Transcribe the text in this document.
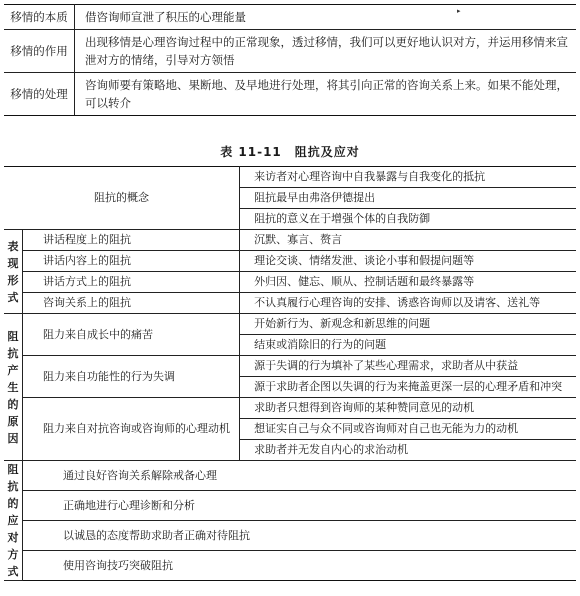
▸
移情的本质	借咨询师宣泄了积压的心理能量
移情的作用	出现移情是心理咨询过程中的正常现象，透过移情，我们可以更好地认识对方，并运用移情来宣泄对方的情绪，引导对方领悟
移情的处理	咨询师要有策略地、果断地、及早地进行处理，将其引向正常的咨询关系上来。如果不能处理，可以转介
表 11-11　阻抗及应对
阻抗的概念		来访者对心理咨询中自我暴露与自我变化的抵抗
		阻抗最早由弗洛伊德提出
		阻抗的意义在于增强个体的自我防御
表现形式	讲话程度上的阻抗	沉默、寡言、赘言
	讲话内容上的阻抗	理论交谈、情绪发泄、谈论小事和假提问题等
	讲话方式上的阻抗	外归因、健忘、顺从、控制话题和最终暴露等
	咨询关系上的阻抗	不认真履行心理咨询的安排、诱惑咨询师以及请客、送礼等
阻抗产生的原因	阻力来自成长中的痛苦	开始新行为、新观念和新思维的问题
		结束或消除旧的行为的问题
	阻力来自功能性的行为失调	源于失调的行为填补了某些心理需求，求助者从中获益
		源于求助者企图以失调的行为来掩盖更深一层的心理矛盾和冲突
	阻力来自对抗咨询或咨询师的心理动机	求助者只想得到咨询师的某种赞同意见的动机
		想证实自己与众不同或咨询师对自己也无能为力的动机
		求助者并无发自内心的求治动机
阻抗的应对方式	通过良好咨询关系解除戒备心理	
	正确地进行心理诊断和分析	
	以诚恳的态度帮助求助者正确对待阻抗	
	使用咨询技巧突破阻抗	
